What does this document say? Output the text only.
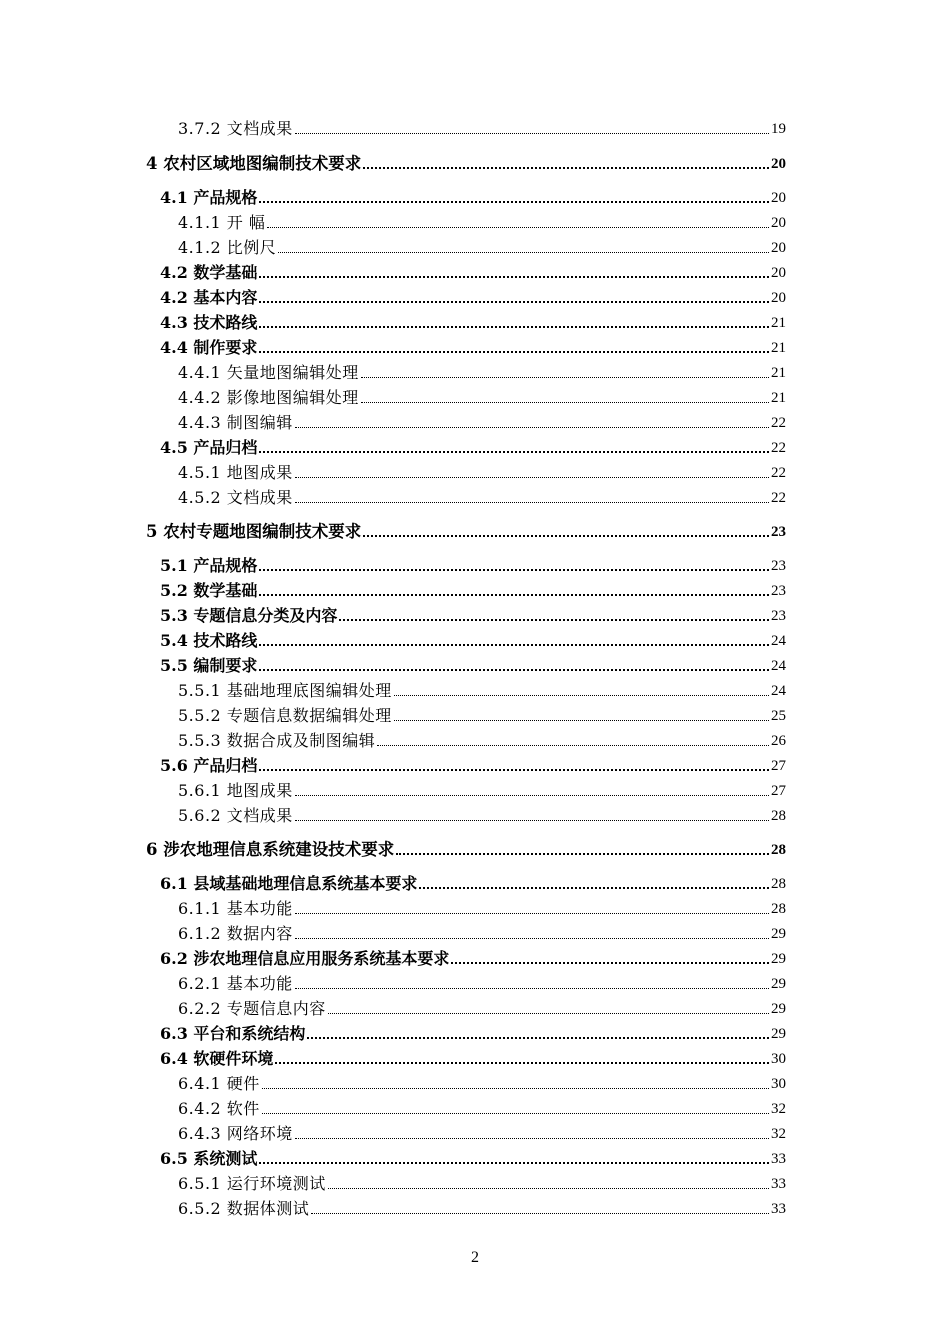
3.7.2 文档成果	19
4 农村区域地图编制技术要求	20
4.1 产品规格	20
4.1.1 开 幅	20
4.1.2 比例尺	20
4.2 数学基础	20
4.2 基本内容	20
4.3 技术路线	21
4.4 制作要求	21
4.4.1 矢量地图编辑处理	21
4.4.2 影像地图编辑处理	21
4.4.3 制图编辑	22
4.5 产品归档	22
4.5.1 地图成果	22
4.5.2 文档成果	22
5 农村专题地图编制技术要求	23
5.1 产品规格	23
5.2 数学基础	23
5.3 专题信息分类及内容	23
5.4 技术路线	24
5.5 编制要求	24
5.5.1 基础地理底图编辑处理	24
5.5.2 专题信息数据编辑处理	25
5.5.3 数据合成及制图编辑	26
5.6 产品归档	27
5.6.1 地图成果	27
5.6.2 文档成果	28
6 涉农地理信息系统建设技术要求	28
6.1 县域基础地理信息系统基本要求	28
6.1.1 基本功能	28
6.1.2 数据内容	29
6.2 涉农地理信息应用服务系统基本要求	29
6.2.1 基本功能	29
6.2.2 专题信息内容	29
6.3 平台和系统结构	29
6.4 软硬件环境	30
6.4.1 硬件	30
6.4.2 软件	32
6.4.3 网络环境	32
6.5 系统测试	33
6.5.1 运行环境测试	33
6.5.2 数据体测试	33
2
